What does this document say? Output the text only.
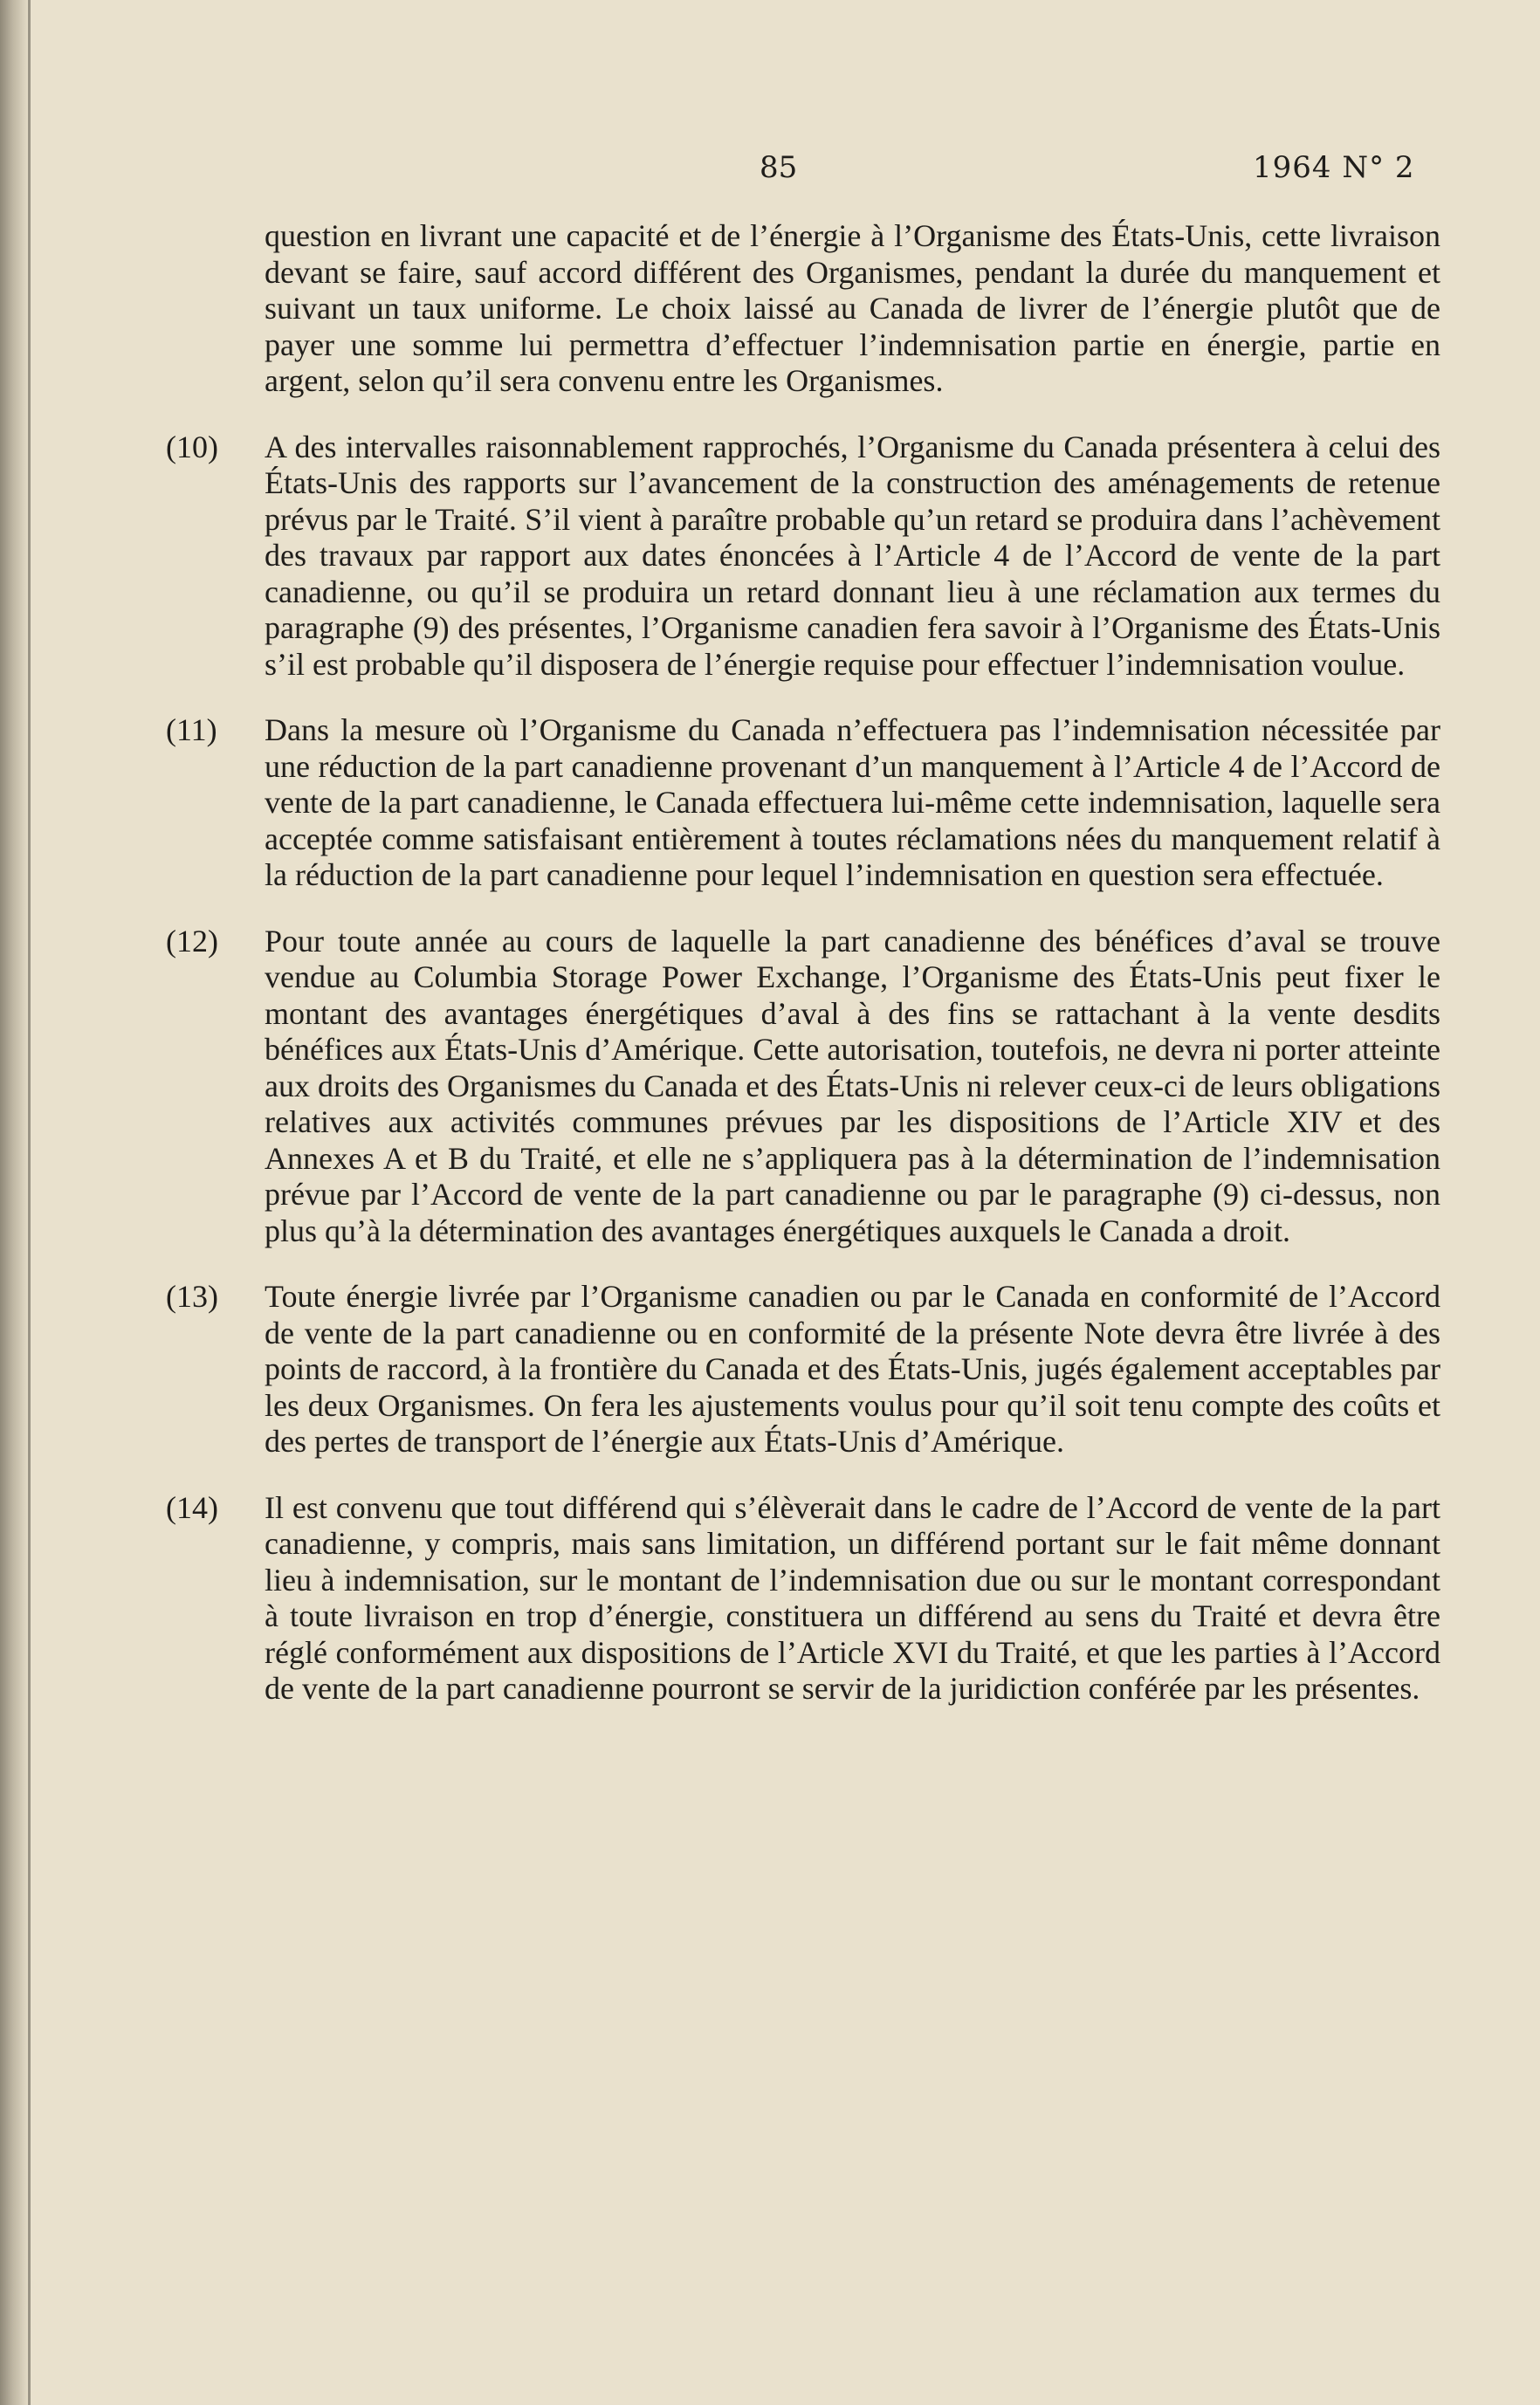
85	1964 N° 2

question en livrant une capacité et de l’énergie à l’Organisme des États-Unis, cette livraison devant se faire, sauf accord différent des Organismes, pendant la durée du manquement et suivant un taux uniforme. Le choix laissé au Canada de livrer de l’énergie plutôt que de payer une somme lui permettra d’effectuer l’indemnisation partie en énergie, partie en argent, selon qu’il sera convenu entre les Organismes.

(10)	A des intervalles raisonnablement rapprochés, l’Organisme du Canada présentera à celui des États-Unis des rapports sur l’avancement de la construction des aménagements de retenue prévus par le Traité. S’il vient à paraître probable qu’un retard se produira dans l’achèvement des travaux par rapport aux dates énoncées à l’Article 4 de l’Accord de vente de la part canadienne, ou qu’il se produira un retard donnant lieu à une réclamation aux termes du paragraphe (9) des présentes, l’Organisme canadien fera savoir à l’Organisme des États-Unis s’il est probable qu’il disposera de l’énergie requise pour effectuer l’indemnisation voulue.

(11)	Dans la mesure où l’Organisme du Canada n’effectuera pas l’indemnisation nécessitée par une réduction de la part canadienne provenant d’un manquement à l’Article 4 de l’Accord de vente de la part canadienne, le Canada effectuera lui-même cette indemnisation, laquelle sera acceptée comme satisfaisant entièrement à toutes réclamations nées du manquement relatif à la réduction de la part canadienne pour lequel l’indemnisation en question sera effectuée.

(12)	Pour toute année au cours de laquelle la part canadienne des bénéfices d’aval se trouve vendue au Columbia Storage Power Exchange, l’Organisme des États-Unis peut fixer le montant des avantages énergétiques d’aval à des fins se rattachant à la vente desdits bénéfices aux États-Unis d’Amérique. Cette autorisation, toutefois, ne devra ni porter atteinte aux droits des Organismes du Canada et des États-Unis ni relever ceux-ci de leurs obligations relatives aux activités communes prévues par les dispositions de l’Article XIV et des Annexes A et B du Traité, et elle ne s’appliquera pas à la détermination de l’indemnisation prévue par l’Accord de vente de la part canadienne ou par le paragraphe (9) ci-dessus, non plus qu’à la détermination des avantages énergétiques auxquels le Canada a droit.

(13)	Toute énergie livrée par l’Organisme canadien ou par le Canada en conformité de l’Accord de vente de la part canadienne ou en conformité de la présente Note devra être livrée à des points de raccord, à la frontière du Canada et des États-Unis, jugés également acceptables par les deux Organismes. On fera les ajustements voulus pour qu’il soit tenu compte des coûts et des pertes de transport de l’énergie aux États-Unis d’Amérique.

(14)	Il est convenu que tout différend qui s’élèverait dans le cadre de l’Accord de vente de la part canadienne, y compris, mais sans limitation, un différend portant sur le fait même donnant lieu à indemnisation, sur le montant de l’indemnisation due ou sur le montant correspondant à toute livraison en trop d’énergie, constituera un différend au sens du Traité et devra être réglé conformément aux dispositions de l’Article XVI du Traité, et que les parties à l’Accord de vente de la part canadienne pourront se servir de la juridiction conférée par les présentes.
